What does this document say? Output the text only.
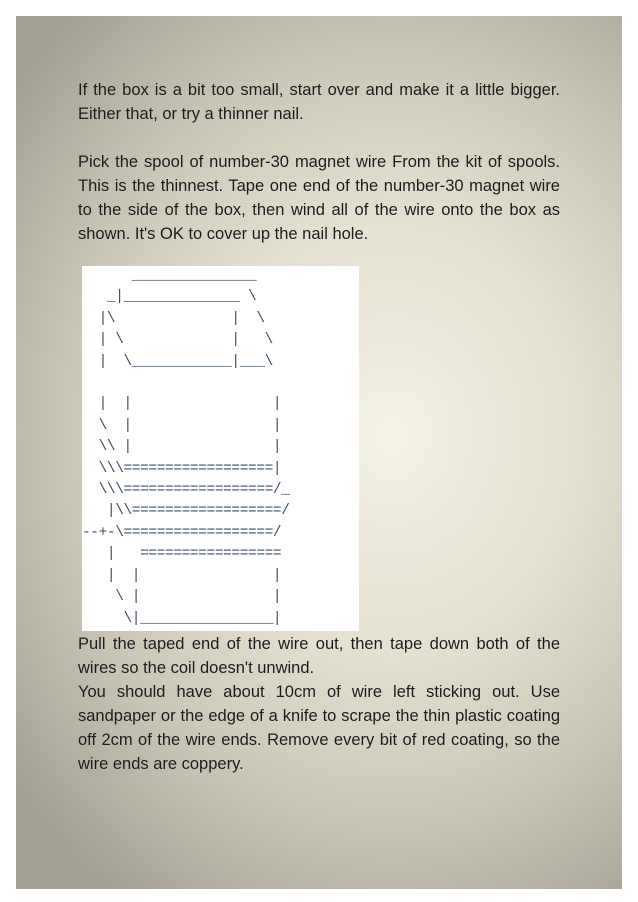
If the box is a bit too small, start over and make it a little bigger. Either that, or try a thinner nail.

Pick the spool of number-30 magnet wire From the kit of spools. This is the thinnest. Tape one end of the number-30 magnet wire to the side of the box, then wind all of the wire onto the box as shown. It's OK to cover up the nail hole.

_______________
_|______________ \
|\              |  \
| \             |   \
|  \____________|___\

|  |                 |
\  |                 |
\\ |                 |
\\\==================|
\\\==================/_
|\\==================/
--+-\==================/
|   =================
|  |                |
\ |                |
\|________________|

Pull the taped end of the wire out, then tape down both of the wires so the coil doesn't unwind.

You should have about 10cm of wire left sticking out. Use sandpaper or the edge of a knife to scrape the thin plastic coating off 2cm of the wire ends. Remove every bit of red coating, so the wire ends are coppery.
